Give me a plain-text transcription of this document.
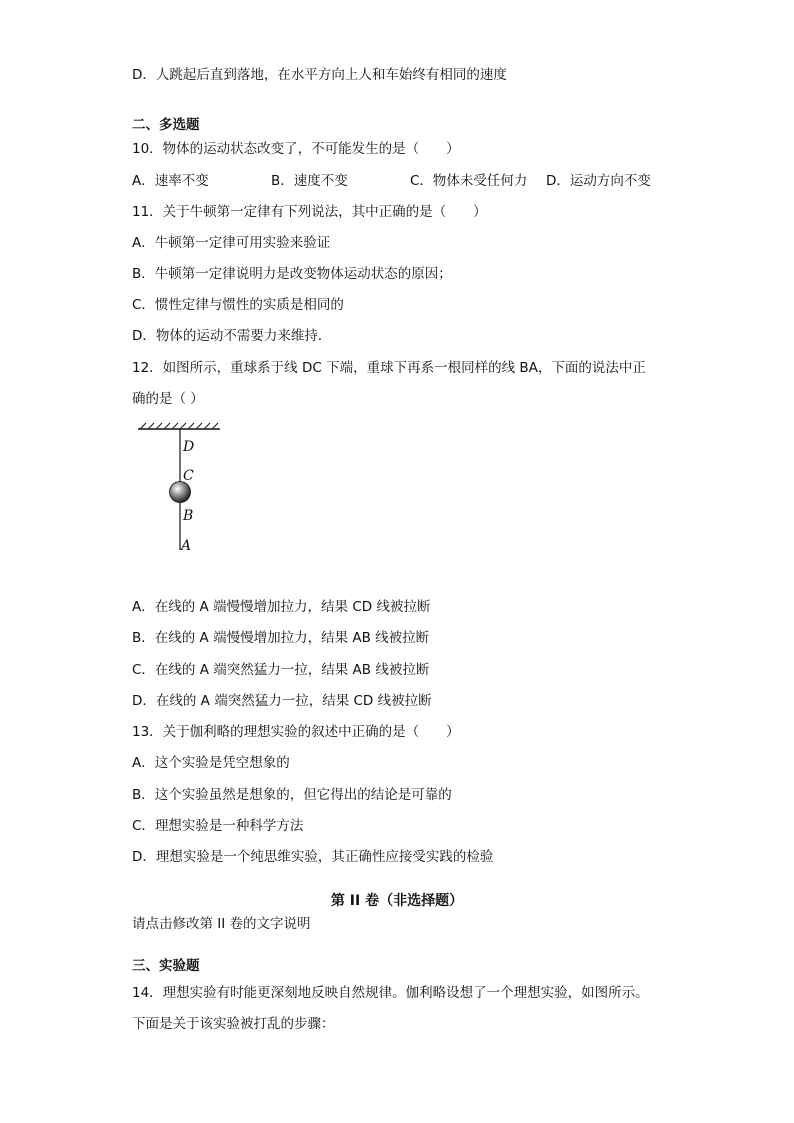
D．人跳起后直到落地，在水平方向上人和车始终有相同的速度
二、多选题
10．物体的运动状态改变了，不可能发生的是（　　）
A．速率不变	B．速度不变	C．物体未受任何力 D．运动方向不变
11．关于牛顿第一定律有下列说法，其中正确的是（　　）
A．牛顿第一定律可用实验来验证
B．牛顿第一定律说明力是改变物体运动状态的原因；
C．惯性定律与惯性的实质是相同的
D．物体的运动不需要力来维持．
12．如图所示，重球系于线 DC 下端，重球下再系一根同样的线 BA，下面的说法中正
确的是（ ）
D
C
B
A
A．在线的 A 端慢慢增加拉力，结果 CD 线被拉断
B．在线的 A 端慢慢增加拉力，结果 AB 线被拉断
C．在线的 A 端突然猛力一拉，结果 AB 线被拉断
D．在线的 A 端突然猛力一拉，结果 CD 线被拉断
13．关于伽利略的理想实验的叙述中正确的是（　　）
A．这个实验是凭空想象的
B．这个实验虽然是想象的，但它得出的结论是可靠的
C．理想实验是一种科学方法
D．理想实验是一个纯思维实验，其正确性应接受实践的检验
第 II 卷（非选择题）
请点击修改第 II 卷的文字说明
三、实验题
14．理想实验有时能更深刻地反映自然规律。伽利略设想了一个理想实验，如图所示。
下面是关于该实验被打乱的步骤：
